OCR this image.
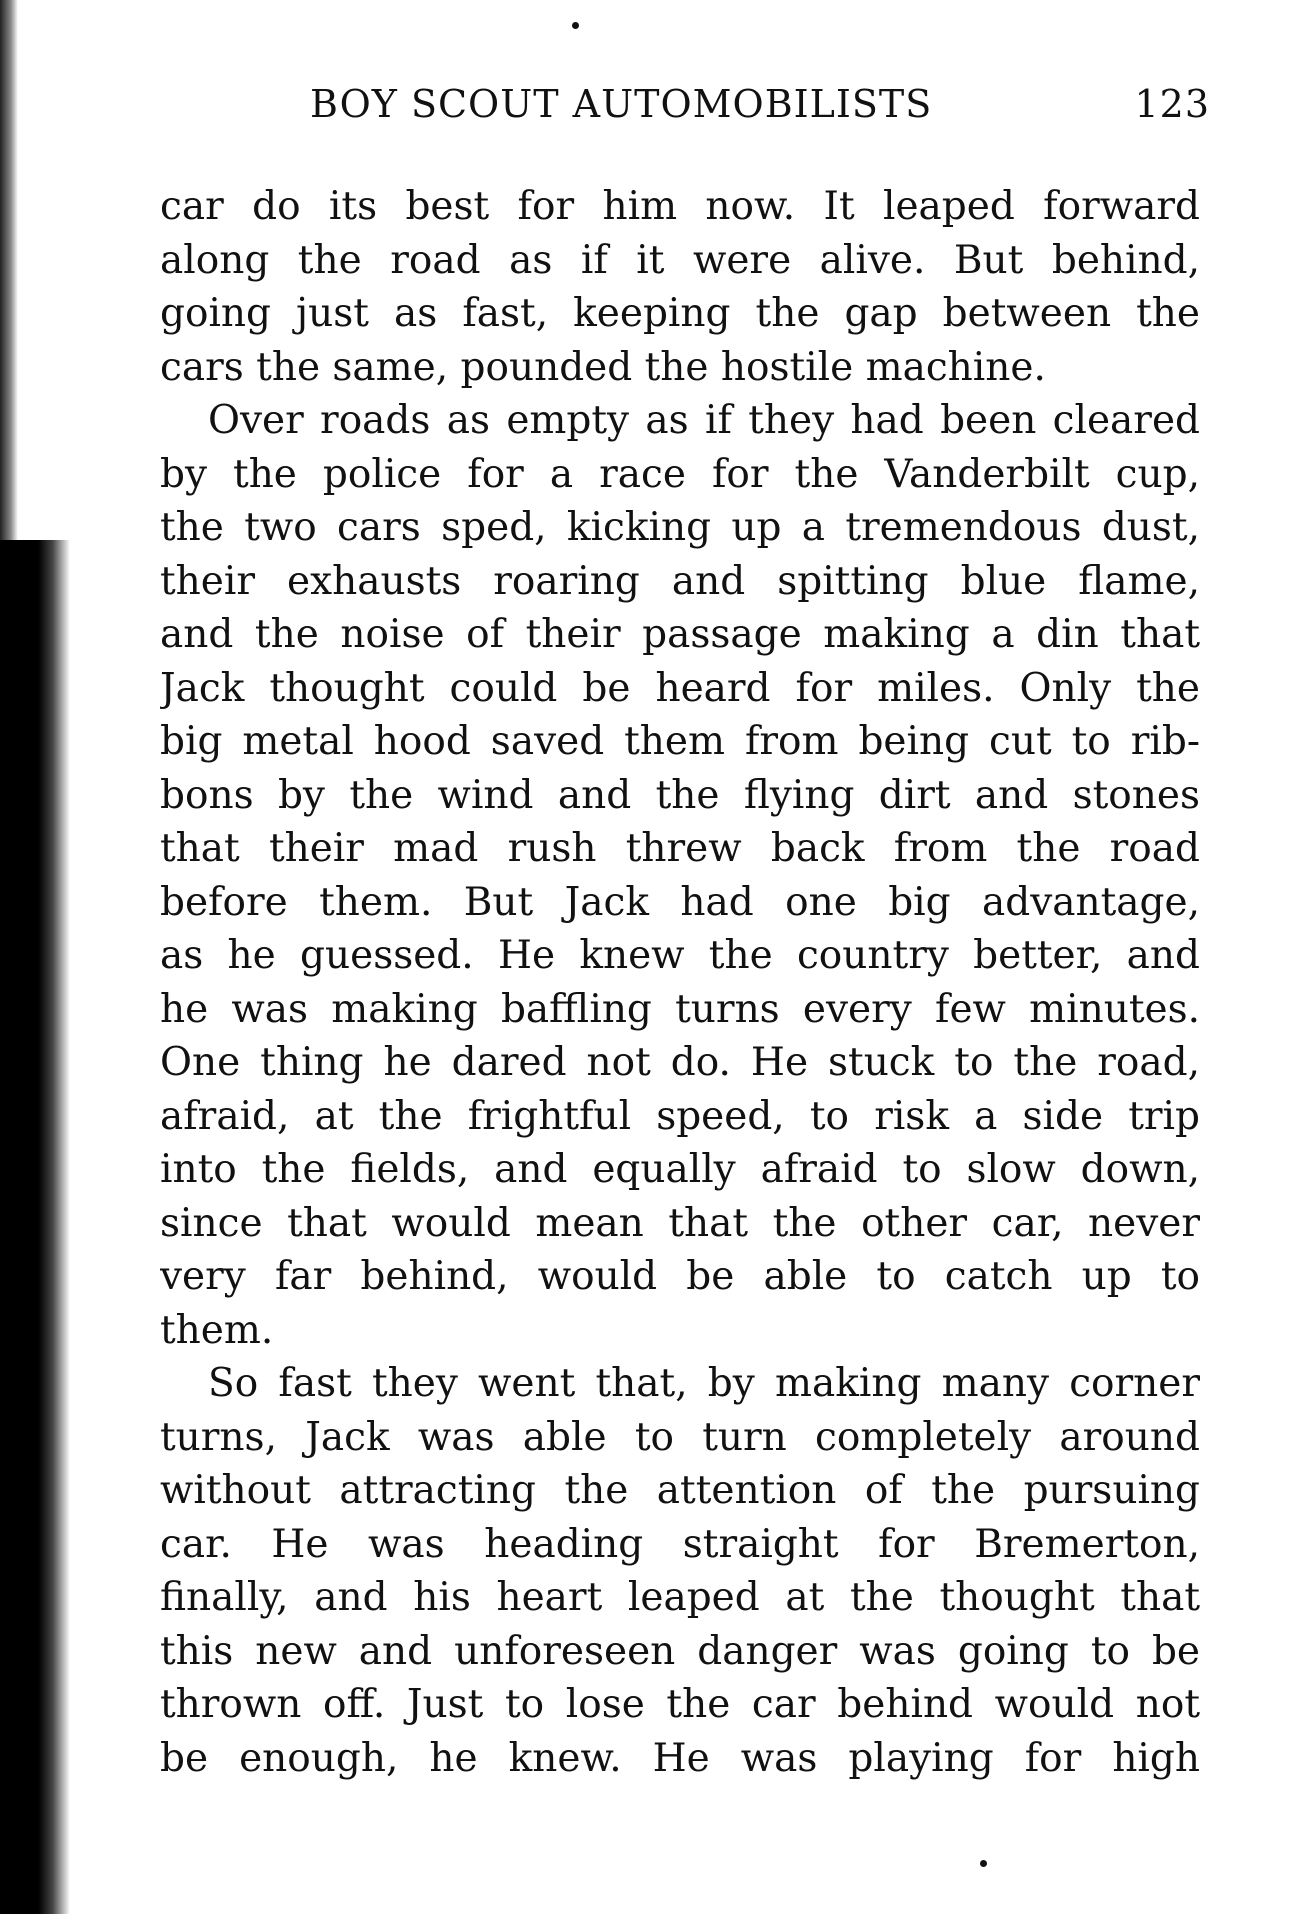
BOY SCOUT AUTOMOBILISTS	123
car do its best for him now. It leaped forward
along the road as if it were alive. But behind,
going just as fast, keeping the gap between the
cars the same, pounded the hostile machine.
Over roads as empty as if they had been cleared
by the police for a race for the Vanderbilt cup,
the two cars sped, kicking up a tremendous dust,
their exhausts roaring and spitting blue flame,
and the noise of their passage making a din that
Jack thought could be heard for miles. Only the
big metal hood saved them from being cut to rib-
bons by the wind and the flying dirt and stones
that their mad rush threw back from the road
before them. But Jack had one big advantage,
as he guessed. He knew the country better, and
he was making baffling turns every few minutes.
One thing he dared not do. He stuck to the road,
afraid, at the frightful speed, to risk a side trip
into the fields, and equally afraid to slow down,
since that would mean that the other car, never
very far behind, would be able to catch up to
them.
So fast they went that, by making many corner
turns, Jack was able to turn completely around
without attracting the attention of the pursuing
car. He was heading straight for Bremerton,
finally, and his heart leaped at the thought that
this new and unforeseen danger was going to be
thrown off. Just to lose the car behind would not
be enough, he knew. He was playing for high
